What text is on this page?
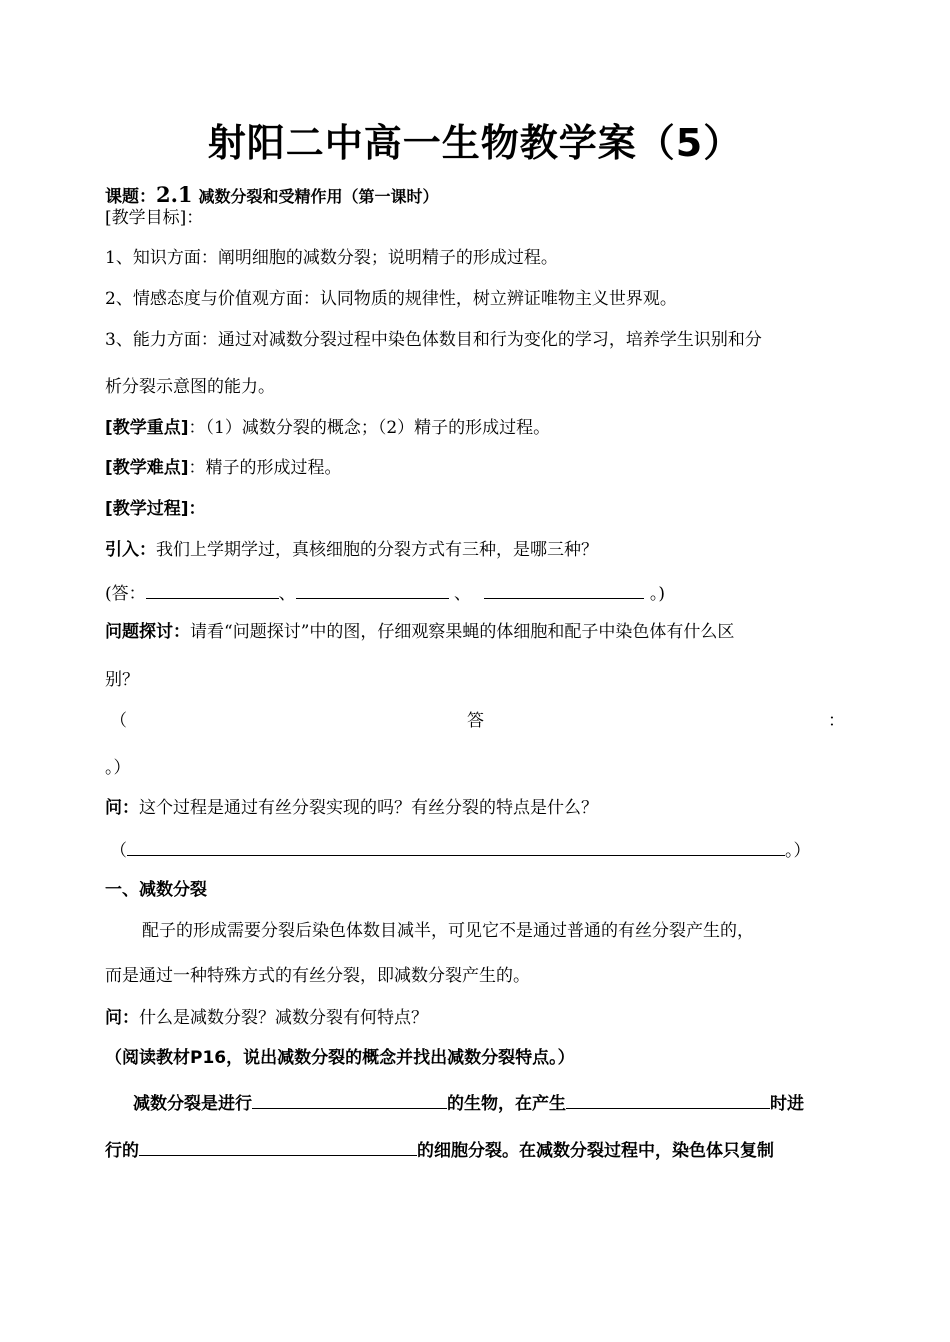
射阳二中高一生物教学案（5）
课题：2.1 减数分裂和受精作用（第一课时）
[教学目标]：
1、知识方面：阐明细胞的减数分裂；说明精子的形成过程。
2、情感态度与价值观方面：认同物质的规律性，树立辨证唯物主义世界观。
3、能力方面：通过对减数分裂过程中染色体数目和行为变化的学习，培养学生识别和分
析分裂示意图的能力。
[教学重点]：（1）减数分裂的概念；（2）精子的形成过程。
[教学难点]：精子的形成过程。
[教学过程]：
引入：我们上学期学过，真核细胞的分裂方式有三种，是哪三种？
(答：	、	、	。)
问题探讨：请看“问题探讨”中的图，仔细观察果蝇的体细胞和配子中染色体有什么区
别？
（	答	：
。）
问：这个过程是通过有丝分裂实现的吗？有丝分裂的特点是什么？
（	。）
一、减数分裂
配子的形成需要分裂后染色体数目减半，可见它不是通过普通的有丝分裂产生的，
而是通过一种特殊方式的有丝分裂，即减数分裂产生的。
问：什么是减数分裂？减数分裂有何特点？
（阅读教材P16，说出减数分裂的概念并找出减数分裂特点。）
减数分裂是进行	的生物，在产生	时进
行的	的细胞分裂。在减数分裂过程中，染色体只复制
